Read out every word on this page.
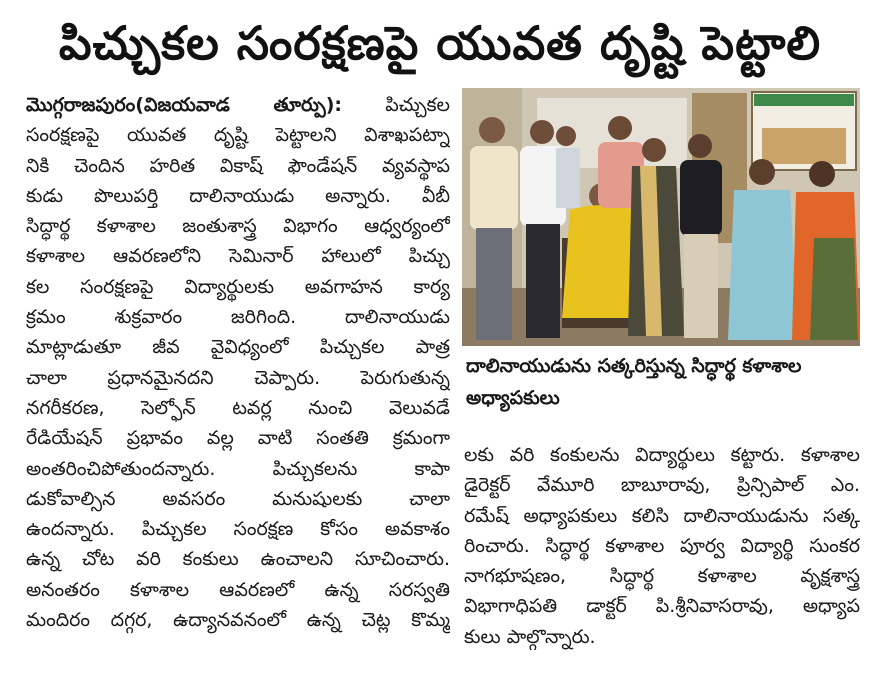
పిచ్చుకల సంరక్షణపై యువత దృష్టి పెట్టాలి
మొగ్గరాజపురం(విజయవాడ తూర్పు): పిచ్చుకల
సంరక్షణపై యువత దృష్టి పెట్టాలని విశాఖపట్నా
నికి చెందిన హరిత వికాష్ ఫౌండేషన్ వ్యవస్థాప
కుడు పొలుపర్తి దాలినాయుడు అన్నారు. వీబీ
సిద్ధార్థ కళాశాల జంతుశాస్త్ర విభాగం ఆధ్వర్యంలో
కళాశాల ఆవరణలోని సెమినార్ హాలులో పిచ్చు
కల సంరక్షణపై విద్యార్థులకు అవగాహన కార్య
క్రమం శుక్రవారం జరిగింది. దాలినాయుడు
మాట్లాడుతూ జీవ వైవిధ్యంలో పిచ్చుకల పాత్ర
చాలా ప్రధానమైనదని చెప్పారు. పెరుగుతున్న
నగరీకరణ, సెల్ఫోన్ టవర్ల నుంచి వెలువడే
రేడియేషన్ ప్రభావం వల్ల వాటి సంతతి క్రమంగా
అంతరించిపోతుందన్నారు. పిచ్చుకలను కాపా
డుకోవాల్సిన అవసరం మనుషులకు చాలా
ఉందన్నారు. పిచ్చుకల సంరక్షణ కోసం అవకాశం
ఉన్న చోట వరి కంకులు ఉంచాలని సూచించారు.
అనంతరం కళాశాల ఆవరణలో ఉన్న సరస్వతి
మందిరం దగ్గర, ఉద్యానవనంలో ఉన్న చెట్ల కొమ్మ
దాలినాయుడును సత్కరిస్తున్న సిద్ధార్థ కళాశాల
అధ్యాపకులు
లకు వరి కంకులను విద్యార్థులు కట్టారు. కళాశాల
డైరెక్టర్ వేమూరి బాబూరావు, ప్రిన్సిపాల్ ఎం.
రమేష్ అధ్యాపకులు కలిసి దాలినాయుడును సత్క
రించారు. సిద్ధార్థ కళాశాల పూర్వ విద్యార్థి సుంకర
నాగభూషణం, సిద్ధార్థ కళాశాల వృక్షశాస్త్ర
విభాగాధిపతి డాక్టర్ పి.శ్రీనివాసరావు, అధ్యాప
కులు పాల్గొన్నారు.
